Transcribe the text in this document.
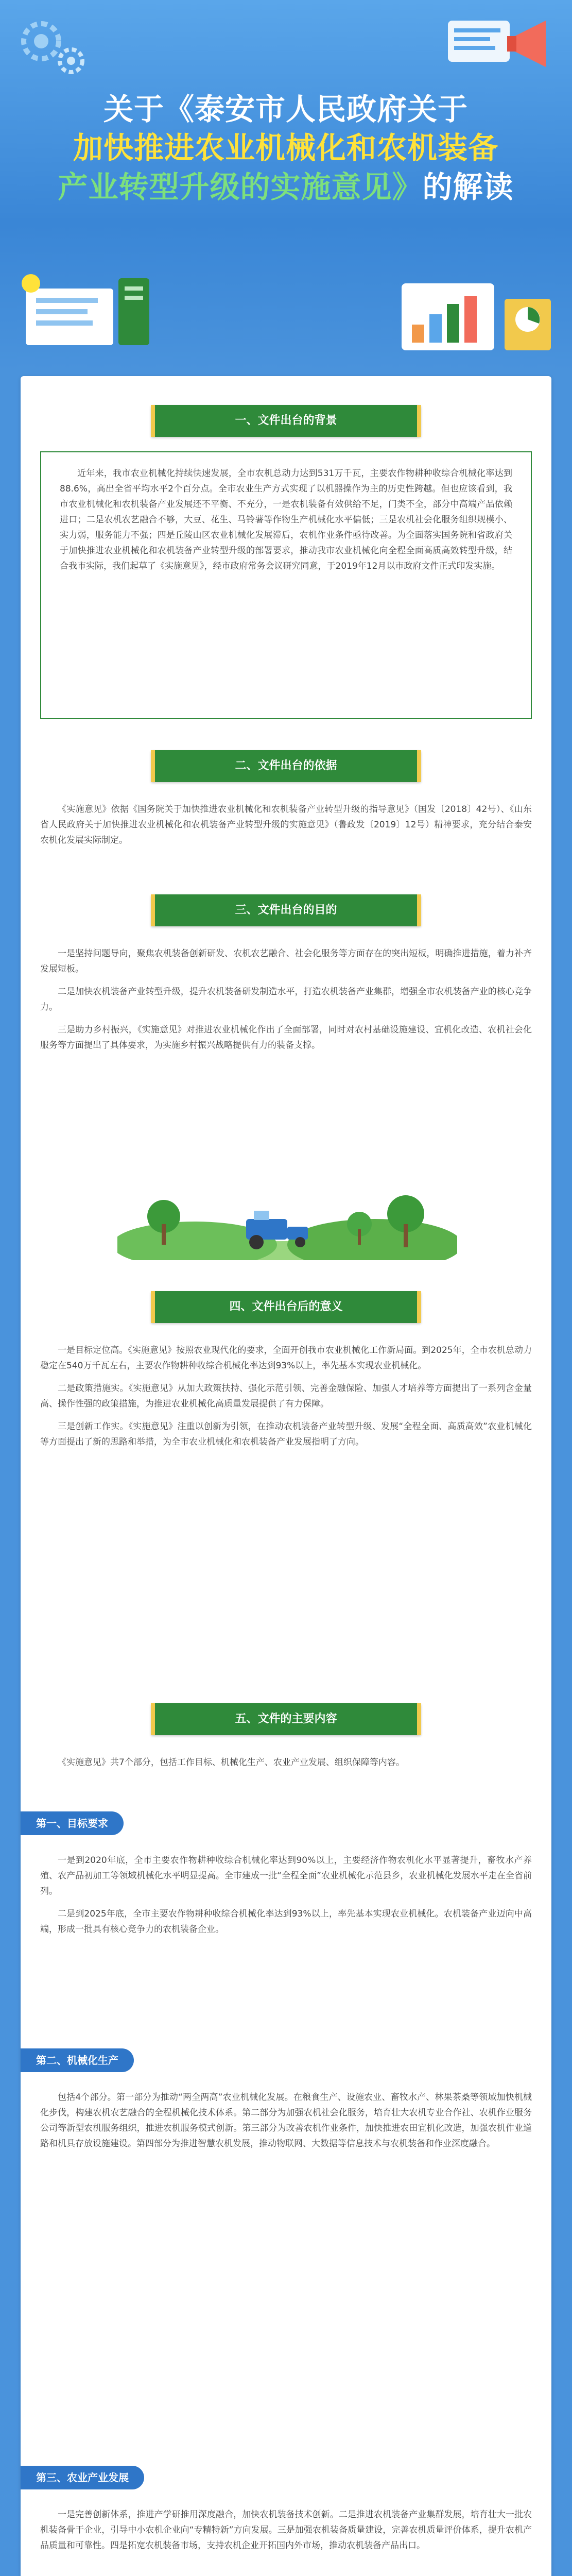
关于《泰安市人民政府关于
加快推进农业机械化和农机装备
产业转型升级的实施意见》的解读
一、文件出台的背景

近年来，我市农业机械化持续快速发展，全市农机总动力达到531万千瓦，主要农作物耕种收综合机械化率达到88.6%，高出全省平均水平2个百分点。全市农业生产方式实现了以机器操作为主的历史性跨越。但也应该看到，我市农业机械化和农机装备产业发展还不平衡、不充分，一是农机装备有效供给不足，门类不全，部分中高端产品依赖进口；二是农机农艺融合不够，大豆、花生、马铃薯等作物生产机械化水平偏低；三是农机社会化服务组织规模小、实力弱，服务能力不强；四是丘陵山区农业机械化发展滞后，农机作业条件亟待改善。为全面落实国务院和省政府关于加快推进农业机械化和农机装备产业转型升级的部署要求，推动我市农业机械化向全程全面高质高效转型升级，结合我市实际，我们起草了《实施意见》，经市政府常务会议研究同意，于2019年12月以市政府文件正式印发实施。

二、文件出台的依据

《实施意见》依据《国务院关于加快推进农业机械化和农机装备产业转型升级的指导意见》（国发〔2018〕42号）、《山东省人民政府关于加快推进农业机械化和农机装备产业转型升级的实施意见》（鲁政发〔2019〕12号）精神要求，充分结合泰安农机化发展实际制定。

三、文件出台的目的

一是坚持问题导向，聚焦农机装备创新研发、农机农艺融合、社会化服务等方面存在的突出短板，明确推进措施，着力补齐发展短板。

二是加快农机装备产业转型升级，提升农机装备研发制造水平，打造农机装备产业集群，增强全市农机装备产业的核心竞争力。

三是助力乡村振兴，《实施意见》对推进农业机械化作出了全面部署，同时对农村基础设施建设、宜机化改造、农机社会化服务等方面提出了具体要求，为实施乡村振兴战略提供有力的装备支撑。

四、文件出台后的意义

一是目标定位高。《实施意见》按照农业现代化的要求，全面开创我市农业机械化工作新局面。到2025年，全市农机总动力稳定在540万千瓦左右，主要农作物耕种收综合机械化率达到93%以上，率先基本实现农业机械化。

二是政策措施实。《实施意见》从加大政策扶持、强化示范引领、完善金融保险、加强人才培养等方面提出了一系列含金量高、操作性强的政策措施，为推进农业机械化高质量发展提供了有力保障。

三是创新工作实。《实施意见》注重以创新为引领，在推动农机装备产业转型升级、发展“全程全面、高质高效”农业机械化等方面提出了新的思路和举措，为全市农业机械化和农机装备产业发展指明了方向。

五、文件的主要内容

《实施意见》共7个部分，包括工作目标、机械化生产、农业产业发展、组织保障等内容。

第一、目标要求

一是到2020年底，全市主要农作物耕种收综合机械化率达到90%以上，主要经济作物农机化水平显著提升，畜牧水产养殖、农产品初加工等领域机械化水平明显提高。全市建成一批“全程全面”农业机械化示范县乡，农业机械化发展水平走在全省前列。

二是到2025年底，全市主要农作物耕种收综合机械化率达到93%以上，率先基本实现农业机械化。农机装备产业迈向中高端，形成一批具有核心竞争力的农机装备企业。

第二、机械化生产

包括4个部分。第一部分为推动“两全两高”农业机械化发展。在粮食生产、设施农业、畜牧水产、林果茶桑等领域加快机械化步伐，构建农机农艺融合的全程机械化技术体系。第二部分为加强农机社会化服务，培育壮大农机专业合作社、农机作业服务公司等新型农机服务组织，推进农机服务模式创新。第三部分为改善农机作业条件，加快推进农田宜机化改造，加强农机作业道路和机具存放设施建设。第四部分为推进智慧农机发展，推动物联网、大数据等信息技术与农机装备和作业深度融合。

第三、农业产业发展

一是完善创新体系，推进产学研推用深度融合，加快农机装备技术创新。二是推进农机装备产业集群发展，培育壮大一批农机装备骨干企业，引导中小农机企业向“专精特新”方向发展。三是加强农机装备质量建设，完善农机质量评价体系，提升农机产品质量和可靠性。四是拓宽农机装备市场，支持农机企业开拓国内外市场，推动农机装备产品出口。
